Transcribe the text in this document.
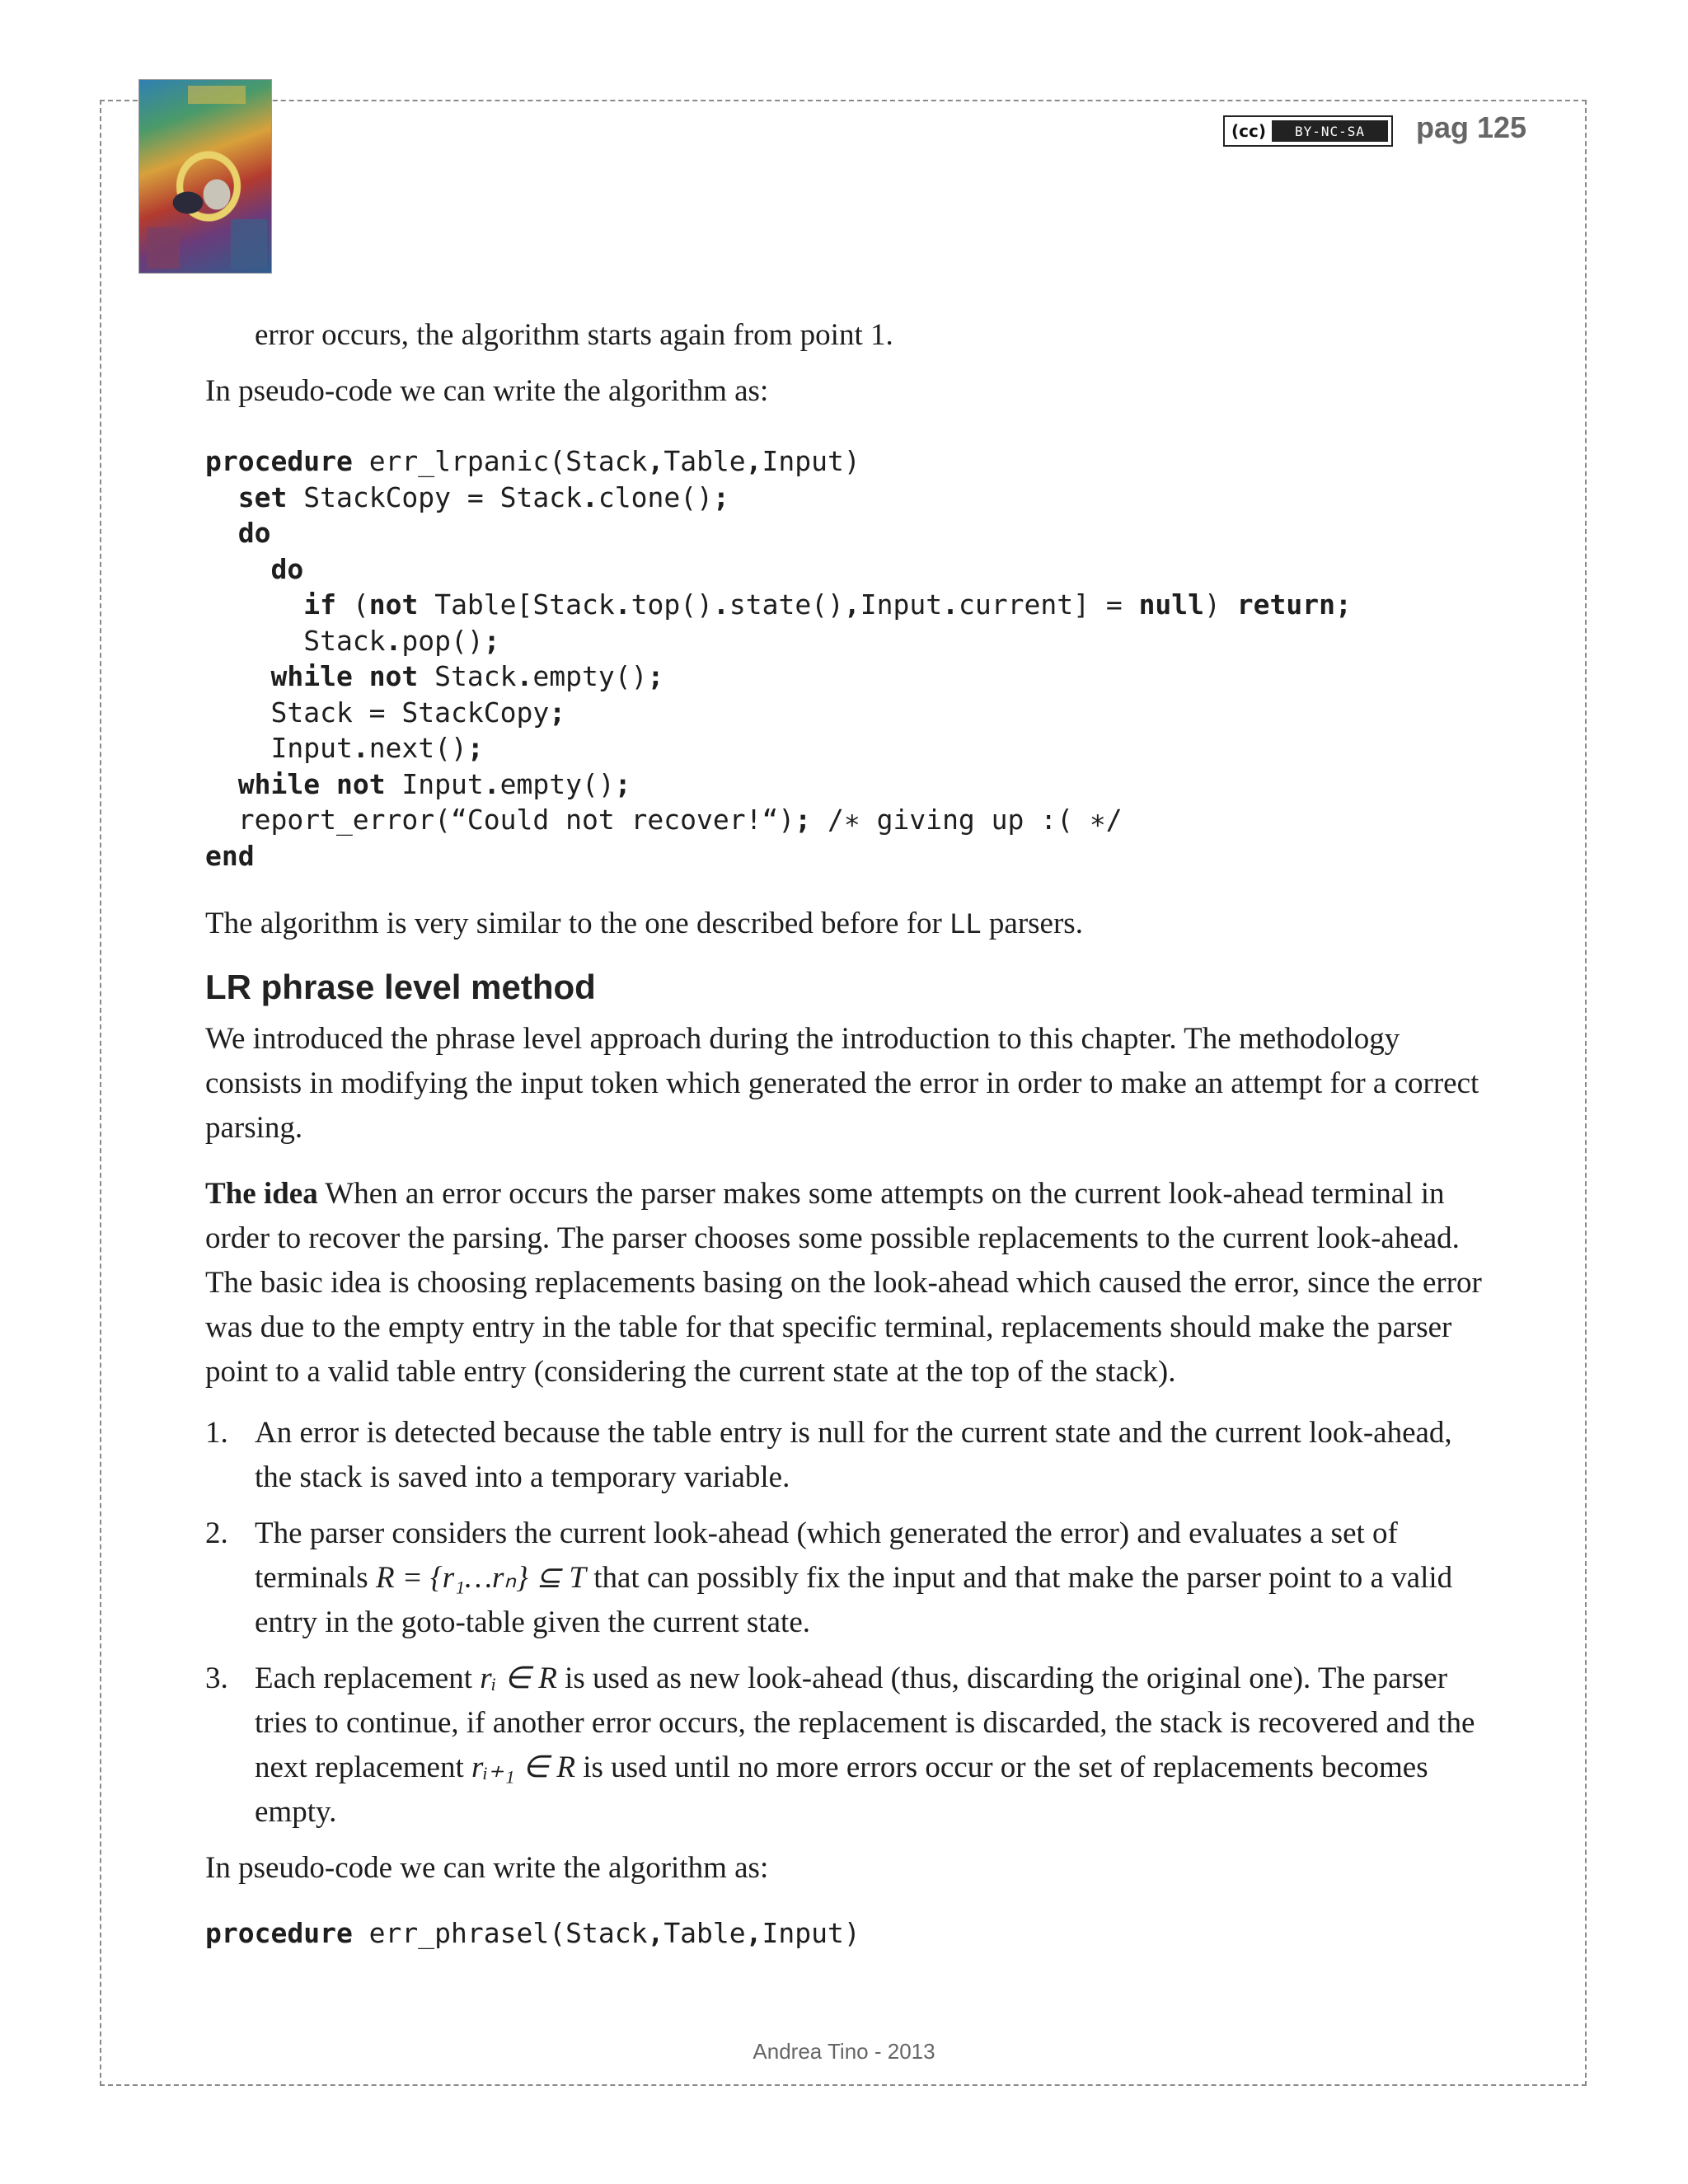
(cc)	BY-NC-SA	pag 125

error occurs, the algorithm starts again from point 1.

In pseudo-code we can write the algorithm as:

procedure err_lrpanic(Stack,Table,Input)
set StackCopy = Stack.clone();
do
do
if (not Table[Stack.top().state(),Input.current] = null) return;
Stack.pop();
while not Stack.empty();
Stack = StackCopy;
Input.next();
while not Input.empty();
report_error(“Could not recover!“); /∗ giving up :( ∗/
end

The algorithm is very similar to the one described before for LL parsers.

LR phrase level method

We introduced the phrase level approach during the introduction to this chapter. The methodology consists in modifying the input token which generated the error in order to make an attempt for a correct parsing.

The idea When an error occurs the parser makes some attempts on the current look-ahead terminal in order to recover the parsing. The parser chooses some possible replacements to the current look-ahead. The basic idea is choosing replacements basing on the look-ahead which caused the error, since the error was due to the empty entry in the table for that specific terminal, replacements should make the parser point to a valid table entry (considering the current state at the top of the stack).

1. An error is detected because the table entry is null for the current state and the current look-ahead, the stack is saved into a temporary variable.
2. The parser considers the current look-ahead (which generated the error) and evaluates a set of terminals R = {r₁…rₙ} ⊆ T that can possibly fix the input and that make the parser point to a valid entry in the goto-table given the current state.
3. Each replacement rᵢ ∈ R is used as new look-ahead (thus, discarding the original one). The parser tries to continue, if another error occurs, the replacement is discarded, the stack is recovered and the next replacement rᵢ₊₁ ∈ R is used until no more errors occur or the set of replacements becomes empty.

In pseudo-code we can write the algorithm as:

procedure err_phrasel(Stack,Table,Input)
Andrea Tino - 2013
